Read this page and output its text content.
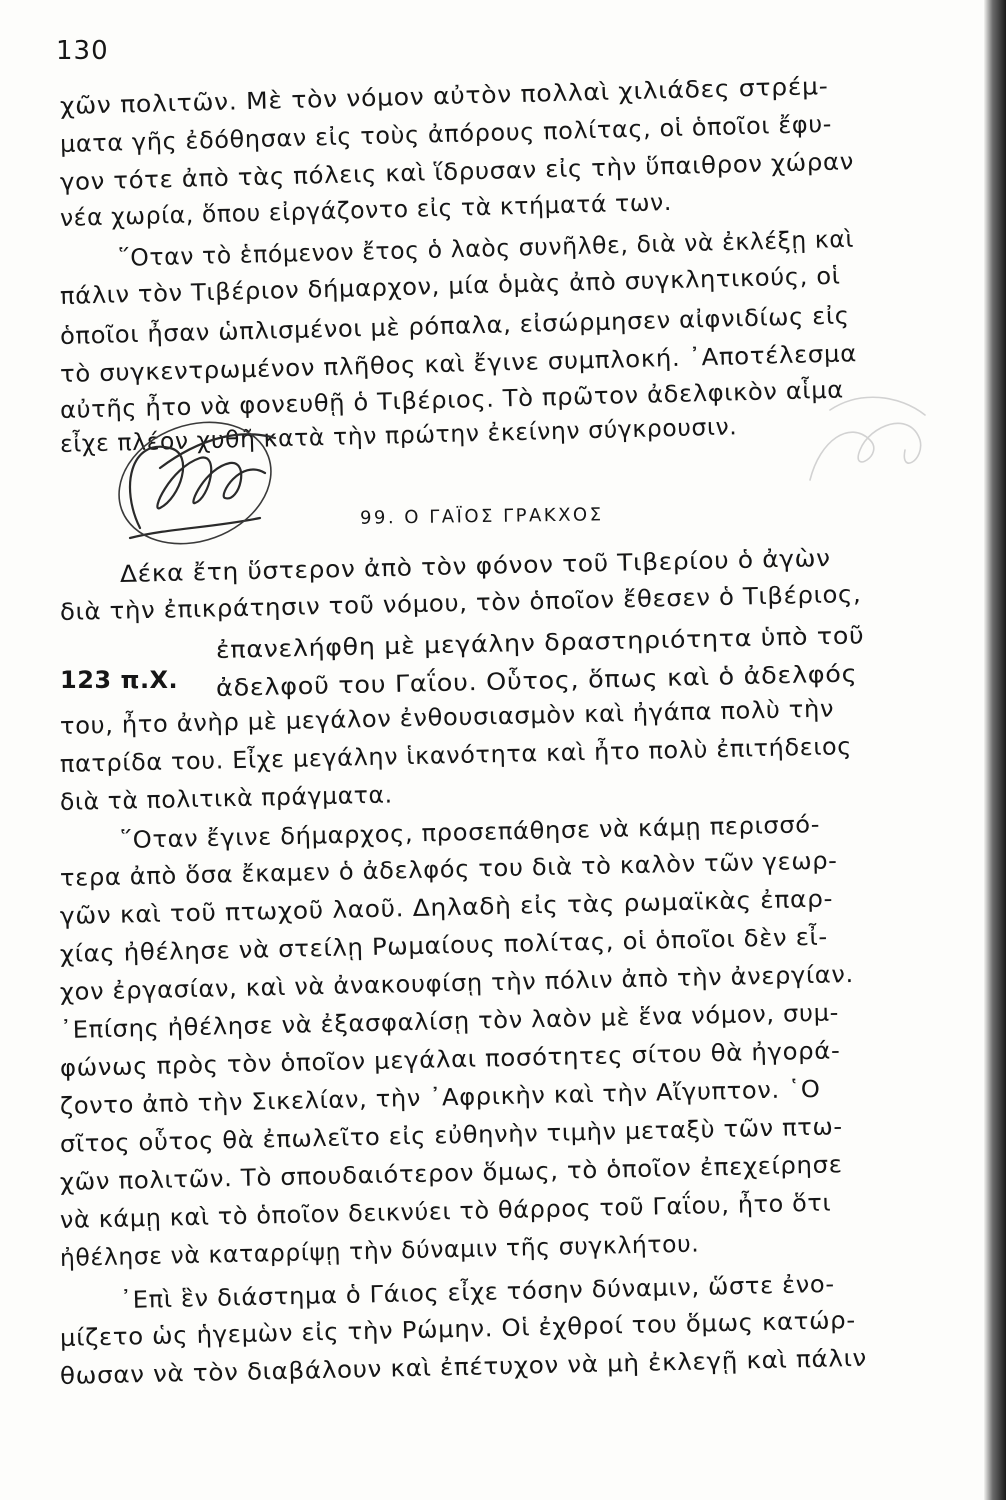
130
χῶν πολιτῶν. Μὲ τὸν νόμον αὐτὸν πολλαὶ χιλιάδες στρέμ-
ματα γῆς ἐδόθησαν εἰς τοὺς ἀπόρους πολίτας, οἱ ὁποῖοι ἔφυ-
γον τότε ἀπὸ τὰς πόλεις καὶ ἵδρυσαν εἰς τὴν ὕπαιθρον χώραν
νέα χωρία, ὅπου εἰργάζοντο εἰς τὰ κτήματά των.
῞Οταν τὸ ἑπόμενον ἔτος ὁ λαὸς συνῆλθε, διὰ νὰ ἐκλέξῃ καὶ
πάλιν τὸν Τιβέριον δήμαρχον, μία ὁμὰς ἀπὸ συγκλητικούς, οἱ
ὁποῖοι ἦσαν ὡπλισμένοι μὲ ρόπαλα, εἰσώρμησεν αἰφνιδίως εἰς
τὸ συγκεντρωμένον πλῆθος καὶ ἔγινε συμπλοκή. ᾿Αποτέλεσμα
αὐτῆς ἦτο νὰ φονευθῇ ὁ Τιβέριος. Τὸ πρῶτον ἀδελφικὸν αἷμα
εἶχε πλέον χυθῆ κατὰ τὴν πρώτην ἐκείνην σύγκρουσιν.
99. Ο ΓΑΪΟΣ ΓΡΑΚΧΟΣ
Δέκα ἔτη ὕστερον ἀπὸ τὸν φόνον τοῦ Τιβερίου ὁ ἀγὼν
διὰ τὴν ἐπικράτησιν τοῦ νόμου, τὸν ὁποῖον ἔθεσεν ὁ Τιβέριος,
ἐπανελήφθη μὲ μεγάλην δραστηριότητα ὑπὸ τοῦ
123 π.Χ. ἀδελφοῦ του Γαΐου. Οὗτος, ὅπως καὶ ὁ ἀδελφός
του, ἦτο ἀνὴρ μὲ μεγάλον ἐνθουσιασμὸν καὶ ἠγάπα πολὺ τὴν
πατρίδα του. Εἶχε μεγάλην ἱκανότητα καὶ ἦτο πολὺ ἐπιτήδειος
διὰ τὰ πολιτικὰ πράγματα.
῞Οταν ἔγινε δήμαρχος, προσεπάθησε νὰ κάμῃ περισσό-
τερα ἀπὸ ὅσα ἔκαμεν ὁ ἀδελφός του διὰ τὸ καλὸν τῶν γεωρ-
γῶν καὶ τοῦ πτωχοῦ λαοῦ. Δηλαδὴ εἰς τὰς ρωμαϊκὰς ἐπαρ-
χίας ἠθέλησε νὰ στείλῃ Ρωμαίους πολίτας, οἱ ὁποῖοι δὲν εἶ-
χον ἐργασίαν, καὶ νὰ ἀνακουφίσῃ τὴν πόλιν ἀπὸ τὴν ἀνεργίαν.
᾿Επίσης ἠθέλησε νὰ ἐξασφαλίσῃ τὸν λαὸν μὲ ἕνα νόμον, συμ-
φώνως πρὸς τὸν ὁποῖον μεγάλαι ποσότητες σίτου θὰ ἠγορά-
ζοντο ἀπὸ τὴν Σικελίαν, τὴν ᾿Αφρικὴν καὶ τὴν Αἴγυπτον. ῾Ο
σῖτος οὗτος θὰ ἐπωλεῖτο εἰς εὐθηνὴν τιμὴν μεταξὺ τῶν πτω-
χῶν πολιτῶν. Τὸ σπουδαιότερον ὅμως, τὸ ὁποῖον ἐπεχείρησε
νὰ κάμῃ καὶ τὸ ὁποῖον δεικνύει τὸ θάρρος τοῦ Γαΐου, ἦτο ὅτι
ἠθέλησε νὰ καταρρίψῃ τὴν δύναμιν τῆς συγκλήτου.
᾿Επὶ ἓν διάστημα ὁ Γάιος εἶχε τόσην δύναμιν, ὥστε ἐνο-
μίζετο ὡς ἡγεμὼν εἰς τὴν Ρώμην. Οἱ ἐχθροί του ὅμως κατώρ-
θωσαν νὰ τὸν διαβάλουν καὶ ἐπέτυχον νὰ μὴ ἐκλεγῇ καὶ πάλιν
